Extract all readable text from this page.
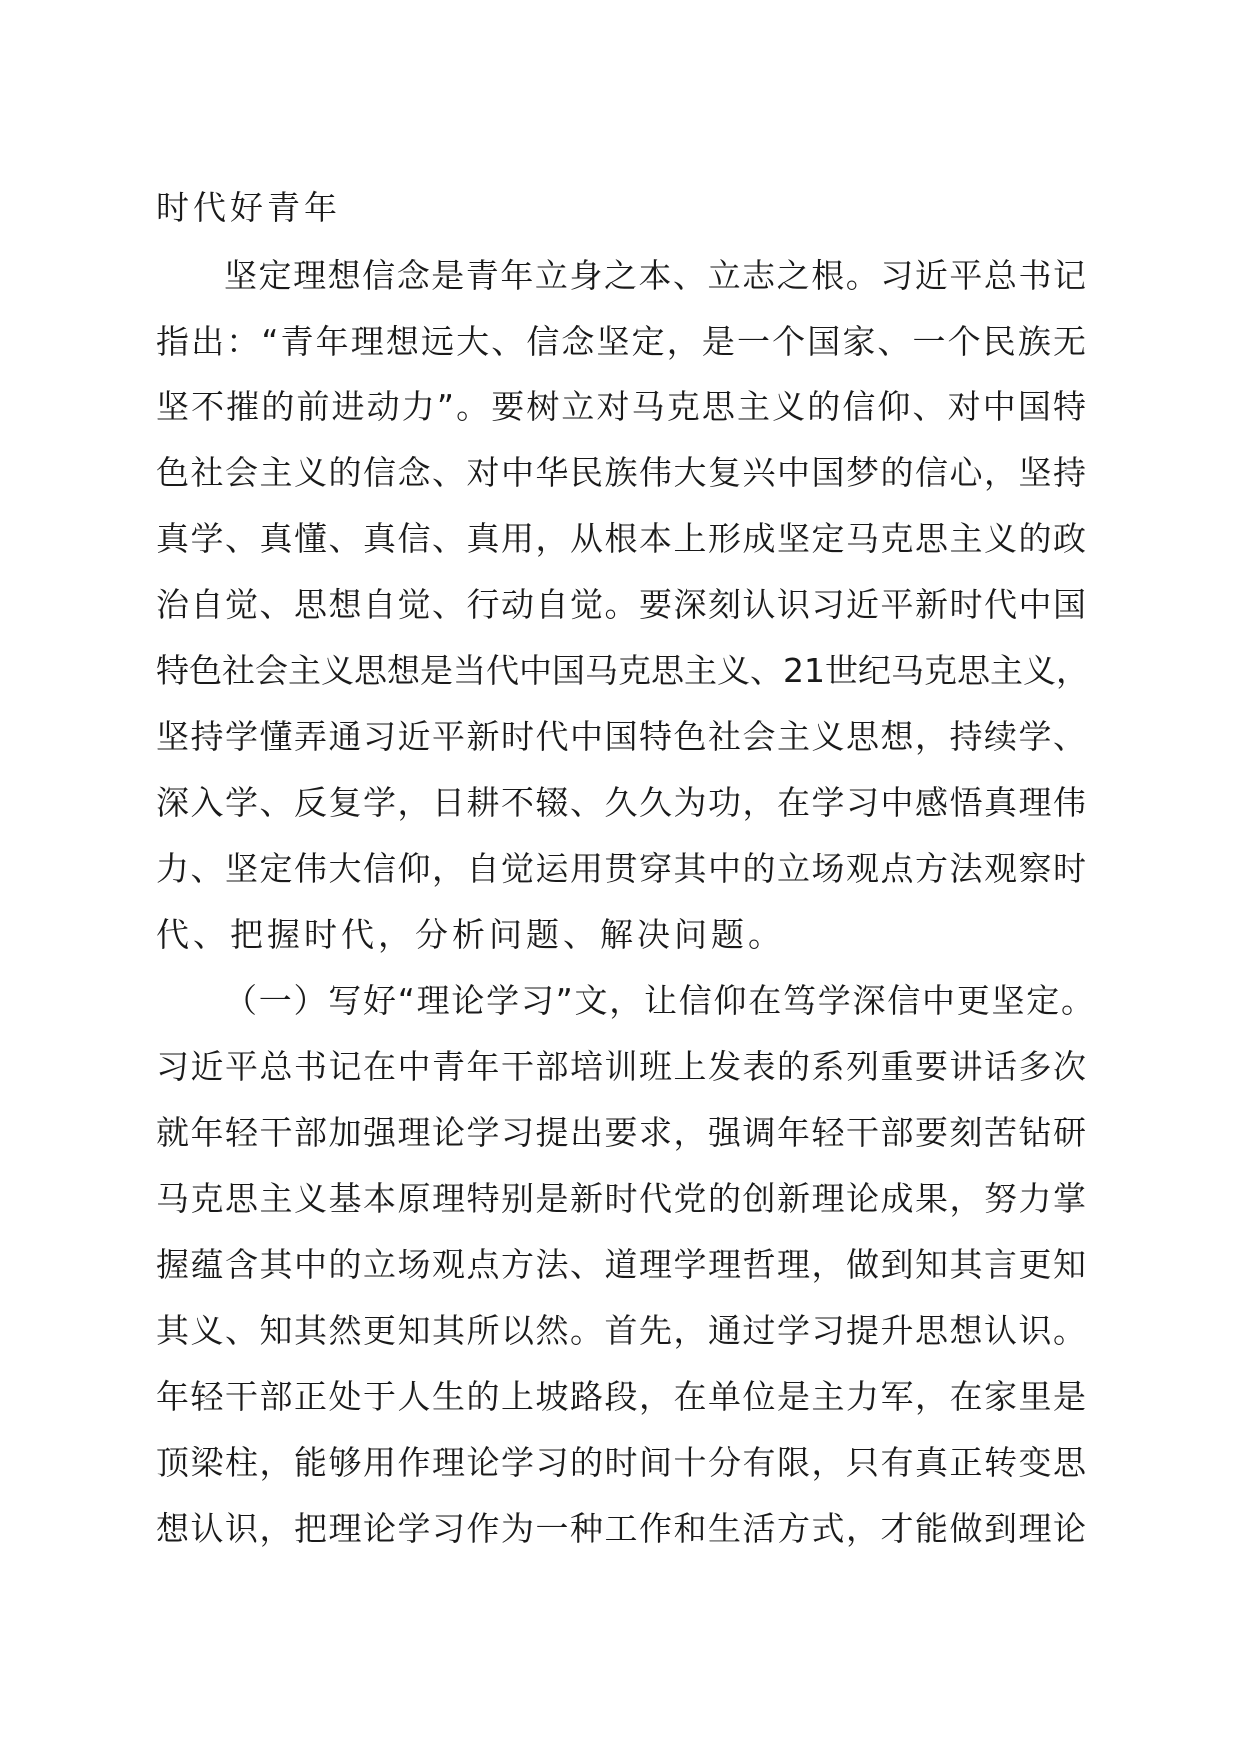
时代好青年
坚定理想信念是青年立身之本、立志之根。习近平总书记
指出：“青年理想远大、信念坚定，是一个国家、一个民族无
坚不摧的前进动力”。要树立对马克思主义的信仰、对中国特
色社会主义的信念、对中华民族伟大复兴中国梦的信心，坚持
真学、真懂、真信、真用，从根本上形成坚定马克思主义的政
治自觉、思想自觉、行动自觉。要深刻认识习近平新时代中国
特色社会主义思想是当代中国马克思主义、21世纪马克思主义，
坚持学懂弄通习近平新时代中国特色社会主义思想，持续学、
深入学、反复学，日耕不辍、久久为功，在学习中感悟真理伟
力、坚定伟大信仰，自觉运用贯穿其中的立场观点方法观察时
代、把握时代，分析问题、解决问题。
（一）写好“理论学习”文，让信仰在笃学深信中更坚定。
习近平总书记在中青年干部培训班上发表的系列重要讲话多次
就年轻干部加强理论学习提出要求，强调年轻干部要刻苦钻研
马克思主义基本原理特别是新时代党的创新理论成果，努力掌
握蕴含其中的立场观点方法、道理学理哲理，做到知其言更知
其义、知其然更知其所以然。首先，通过学习提升思想认识。
年轻干部正处于人生的上坡路段，在单位是主力军，在家里是
顶梁柱，能够用作理论学习的时间十分有限，只有真正转变思
想认识，把理论学习作为一种工作和生活方式，才能做到理论
